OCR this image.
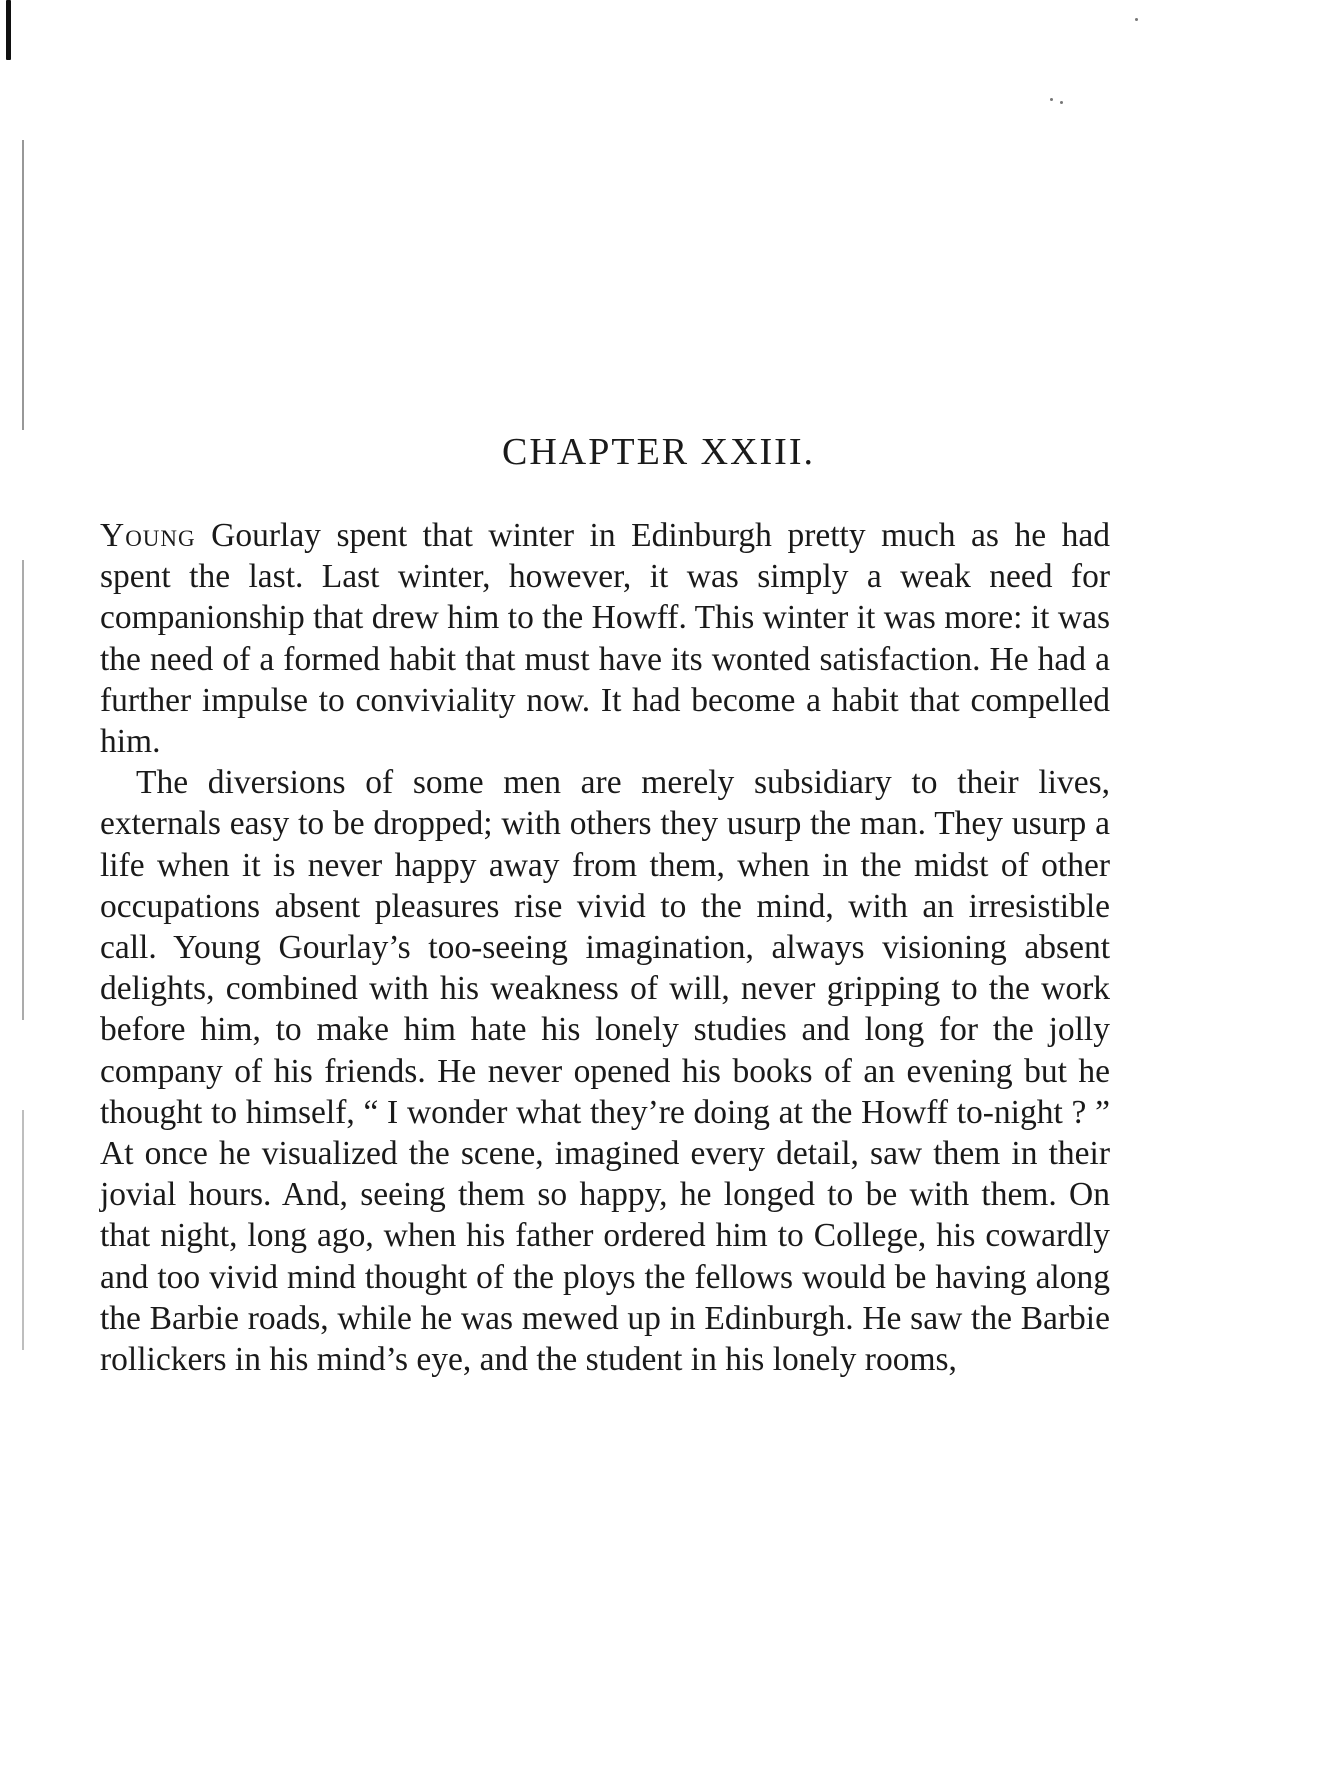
CHAPTER XXIII.

Young Gourlay spent that winter in Edinburgh pretty much as he had spent the last. Last winter, however, it was simply a weak need for companionship that drew him to the Howff. This winter it was more: it was the need of a formed habit that must have its wonted satisfaction. He had a further impulse to conviviality now. It had become a habit that compelled him.

The diversions of some men are merely subsidiary to their lives, externals easy to be dropped; with others they usurp the man. They usurp a life when it is never happy away from them, when in the midst of other occupations absent pleasures rise vivid to the mind, with an irresistible call. Young Gourlay’s too-seeing imagination, always visioning absent delights, combined with his weakness of will, never gripping to the work before him, to make him hate his lonely studies and long for the jolly company of his friends. He never opened his books of an evening but he thought to himself, “ I wonder what they’re doing at the Howff to-night ? ” At once he visualized the scene, imagined every detail, saw them in their jovial hours. And, seeing them so happy, he longed to be with them. On that night, long ago, when his father ordered him to College, his cowardly and too vivid mind thought of the ploys the fellows would be having along the Barbie roads, while he was mewed up in Edinburgh. He saw the Barbie rollickers in his mind’s eye, and the student in his lonely rooms,
